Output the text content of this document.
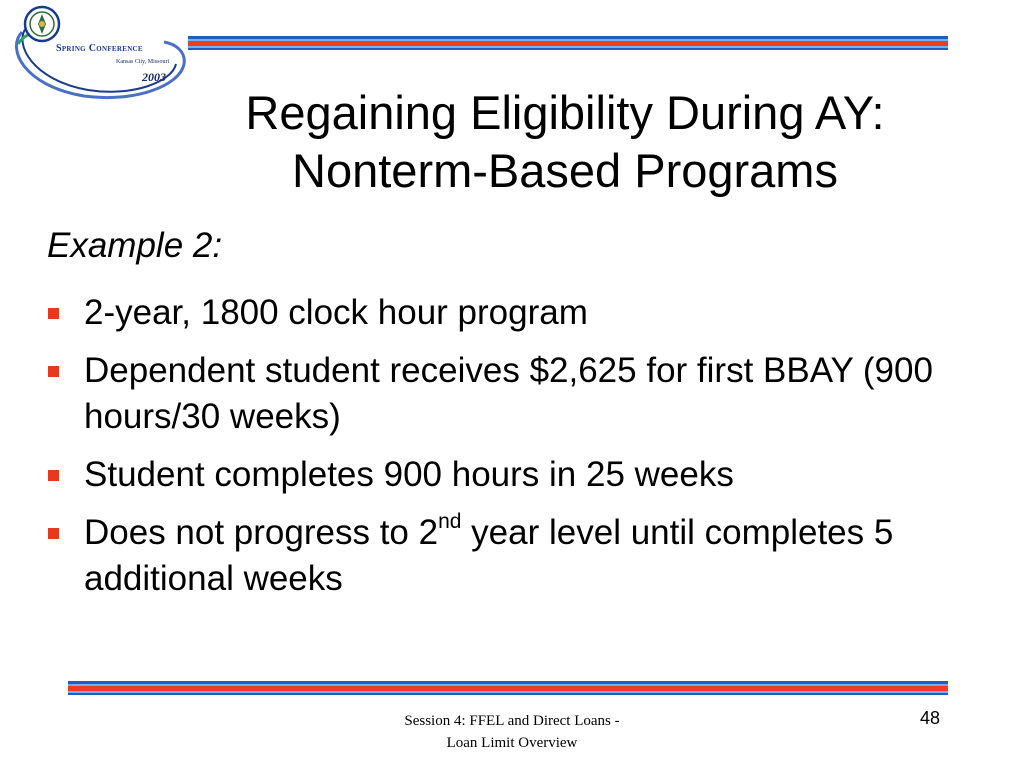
Spring Conference
Kansas City, Missouri
2003
Regaining Eligibility During AY:
Nonterm-Based Programs
Example 2:
2-year, 1800 clock hour program
Dependent student receives $2,625 for first BBAY (900 hours/30 weeks)
Student completes 900 hours in 25 weeks
Does not progress to 2nd year level until completes 5 additional weeks
Session 4: FFEL and Direct Loans -
Loan Limit Overview
48
